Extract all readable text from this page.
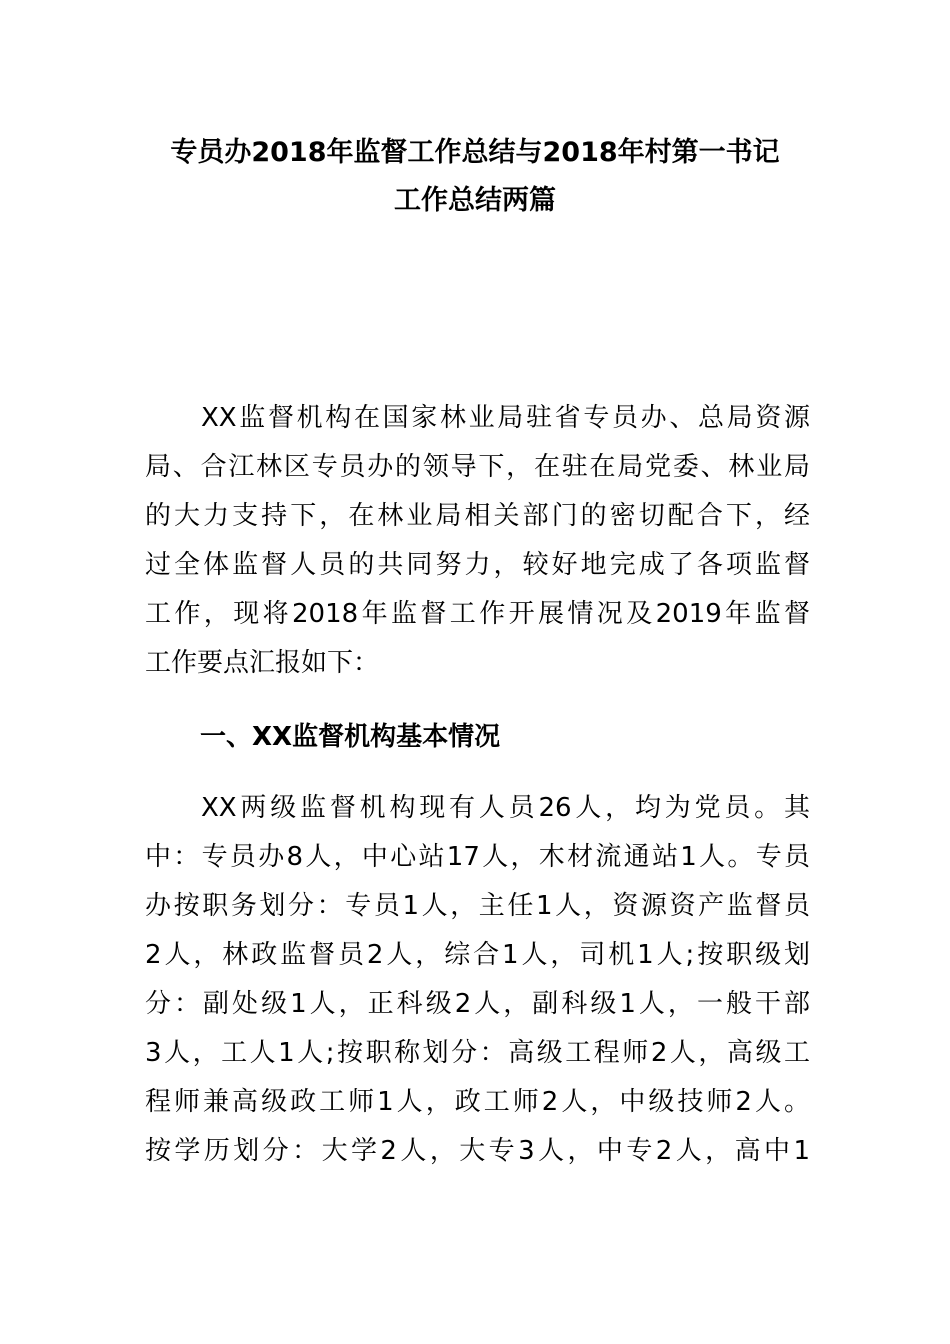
专员办2018年监督工作总结与2018年村第一书记
工作总结两篇
XX监督机构在国家林业局驻省专员办、总局资源
局、合江林区专员办的领导下，在驻在局党委、林业局
的大力支持下，在林业局相关部门的密切配合下，经
过全体监督人员的共同努力，较好地完成了各项监督
工作，现将2018年监督工作开展情况及2019年监督
工作要点汇报如下：
一、XX监督机构基本情况
XX两级监督机构现有人员26人，均为党员。其
中：专员办8人，中心站17人，木材流通站1人。专员
办按职务划分：专员1人，主任1人，资源资产监督员
2人，林政监督员2人，综合1人，司机1人;按职级划
分：副处级1人，正科级2人，副科级1人，一般干部
3人，工人1人;按职称划分：高级工程师2人，高级工
程师兼高级政工师1人，政工师2人，中级技师2人。
按学历划分：大学2人，大专3人，中专2人，高中1
